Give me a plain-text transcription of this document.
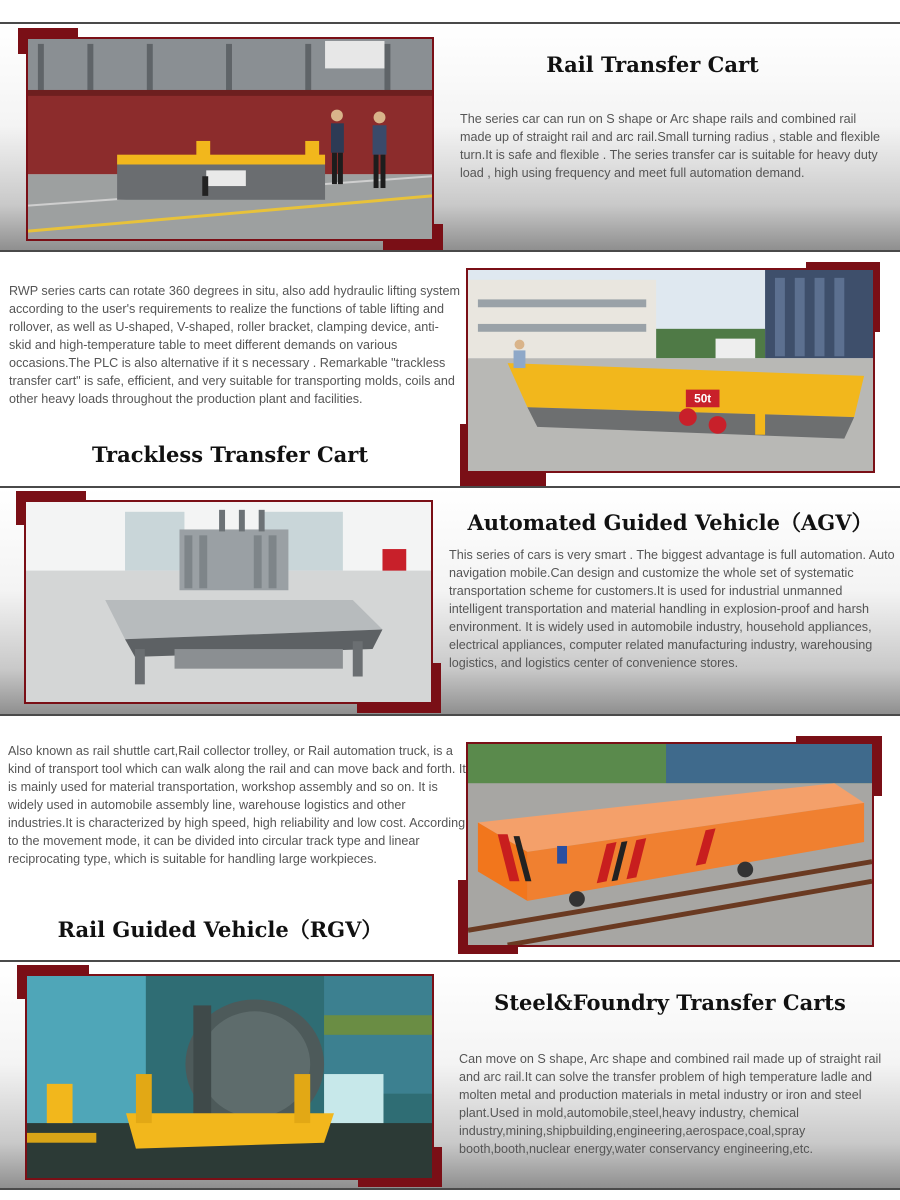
Rail Transfer Cart
The series car can run on S shape or Arc shape rails and combined rail made up of straight rail and arc rail.Small turning radius , stable and flexible turn.It is safe and flexible . The series transfer car is suitable for heavy duty load , high using frequency and meet full automation demand.
RWP series carts can rotate 360 degrees in situ, also add hydraulic lifting system according to the user's requirements to realize the functions of table lifting and rollover, as well as U-shaped, V-shaped, roller bracket, clamping device, anti-skid and high-temperature table to meet different demands on various occasions.The PLC is also alternative if it s necessary . Remarkable "trackless transfer cart" is safe, efficient, and very suitable for transporting molds, coils and other heavy loads throughout the production plant and facilities.
Trackless Transfer Cart
50t
Automated Guided Vehicle（AGV）
This series of cars is very smart . The biggest advantage is full automation. Auto navigation mobile.Can design and customize the whole set of systematic transportation scheme for customers.It is used for industrial unmanned intelligent transportation and material handling in explosion-proof and harsh environment. It is widely used in automobile industry, household appliances, electrical appliances, computer related manufacturing industry, warehousing logistics, and logistics center of convenience stores.
Also known as rail shuttle cart,Rail collector trolley, or Rail automation truck, is a kind of transport tool which can walk along the rail and can move back and forth. It is mainly used for material transportation, workshop assembly and so on. It is widely used in automobile assembly line, warehouse logistics and other industries.It is characterized by high speed, high reliability and low cost. According to the movement mode, it can be divided into circular track type and linear reciprocating type, which is suitable for handling large workpieces.
Rail Guided Vehicle（RGV）
Steel&Foundry Transfer Carts
Can move on S shape, Arc shape and combined rail made up of straight rail and arc rail.It can solve the transfer problem of high temperature ladle and molten metal and production materials in metal industry or iron and steel plant.Used in mold,automobile,steel,heavy industry, chemical industry,mining,shipbuilding,engineering,aerospace,coal,spray booth,booth,nuclear energy,water conservancy engineering,etc.
